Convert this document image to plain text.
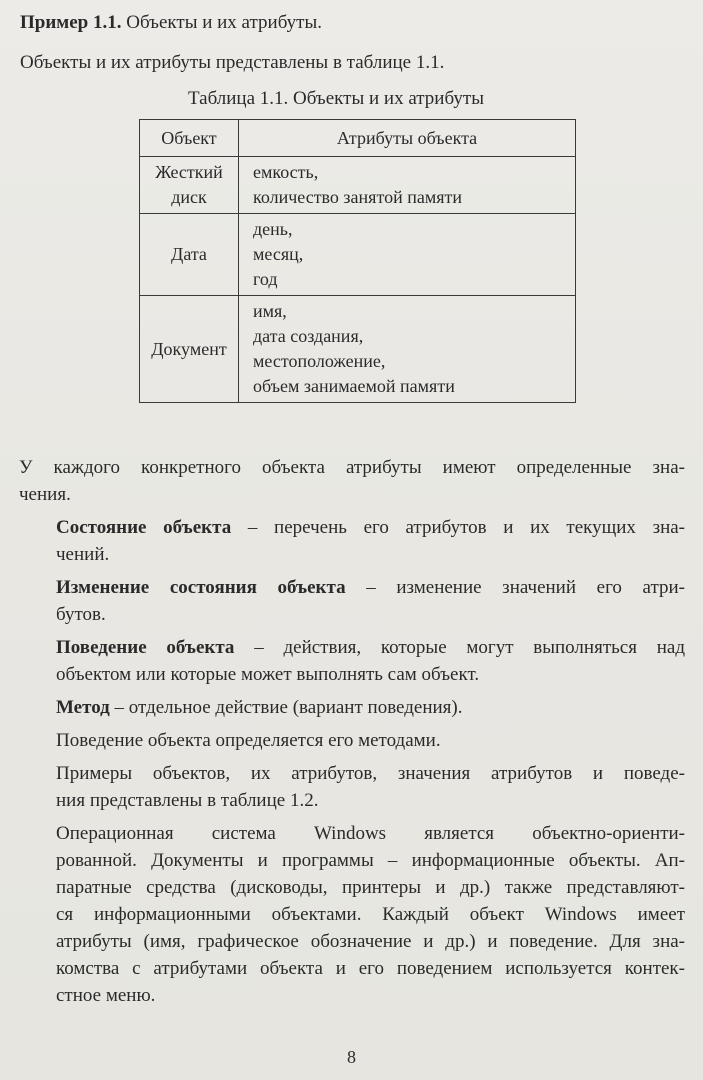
Пример 1.1. Объекты и их атрибуты.
Объекты и их атрибуты представлены в таблице 1.1.
Таблица 1.1. Объекты и их атрибуты
Объект	Атрибуты объекта

Жесткий
диск	емкость,
количество занятой памяти

Дата	день,
месяц,
год

Документ	имя,
дата создания,
местоположение,
объем занимаемой памяти

У каждого конкретного объекта атрибуты имеют определенные зна-
чения.

Состояние объекта – перечень его атрибутов и их текущих зна-
чений.

Изменение состояния объекта – изменение значений его атри-
бутов.

Поведение объекта – действия, которые могут выполняться над
объектом или которые может выполнять сам объект.

Метод – отдельное действие (вариант поведения).

Поведение объекта определяется его методами.

Примеры объектов, их атрибутов, значения атрибутов и поведе-
ния представлены в таблице 1.2.

Операционная система Windows является объектно-ориенти-
рованной. Документы и программы – информационные объекты. Ап-
паратные средства (дисководы, принтеры и др.) также представляют-
ся информационными объектами. Каждый объект Windows имеет
атрибуты (имя, графическое обозначение и др.) и поведение. Для зна-
комства с атрибутами объекта и его поведением используется контек-
стное меню.

8
